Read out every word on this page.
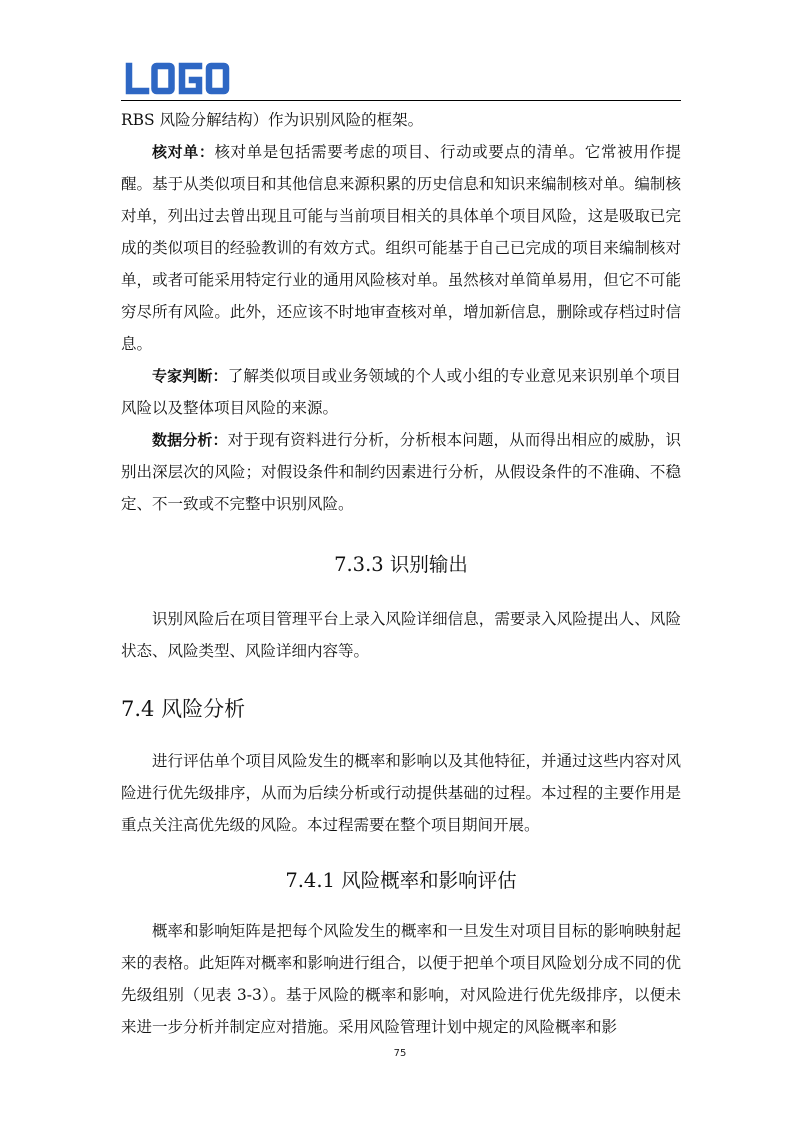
RBS 风险分解结构）作为识别风险的框架。

核对单：核对单是包括需要考虑的项目、行动或要点的清单。它常被用作提醒。基于从类似项目和其他信息来源积累的历史信息和知识来编制核对单。编制核对单，列出过去曾出现且可能与当前项目相关的具体单个项目风险，这是吸取已完成的类似项目的经验教训的有效方式。组织可能基于自己已完成的项目来编制核对单，或者可能采用特定行业的通用风险核对单。虽然核对单简单易用，但它不可能穷尽所有风险。此外，还应该不时地审查核对单，增加新信息，删除或存档过时信息。

专家判断：了解类似项目或业务领域的个人或小组的专业意见来识别单个项目风险以及整体项目风险的来源。

数据分析：对于现有资料进行分析，分析根本问题，从而得出相应的威胁，识别出深层次的风险；对假设条件和制约因素进行分析，从假设条件的不准确、不稳定、不一致或不完整中识别风险。

7.3.3 识别输出

识别风险后在项目管理平台上录入风险详细信息，需要录入风险提出人、风险状态、风险类型、风险详细内容等。

7.4 风险分析

进行评估单个项目风险发生的概率和影响以及其他特征，并通过这些内容对风险进行优先级排序，从而为后续分析或行动提供基础的过程。本过程的主要作用是重点关注高优先级的风险。本过程需要在整个项目期间开展。

7.4.1 风险概率和影响评估

概率和影响矩阵是把每个风险发生的概率和一旦发生对项目目标的影响映射起来的表格。此矩阵对概率和影响进行组合，以便于把单个项目风险划分成不同的优先级组别（见表 3-3）。基于风险的概率和影响，对风险进行优先级排序，以便未来进一步分析并制定应对措施。采用风险管理计划中规定的风险概率和影

75
